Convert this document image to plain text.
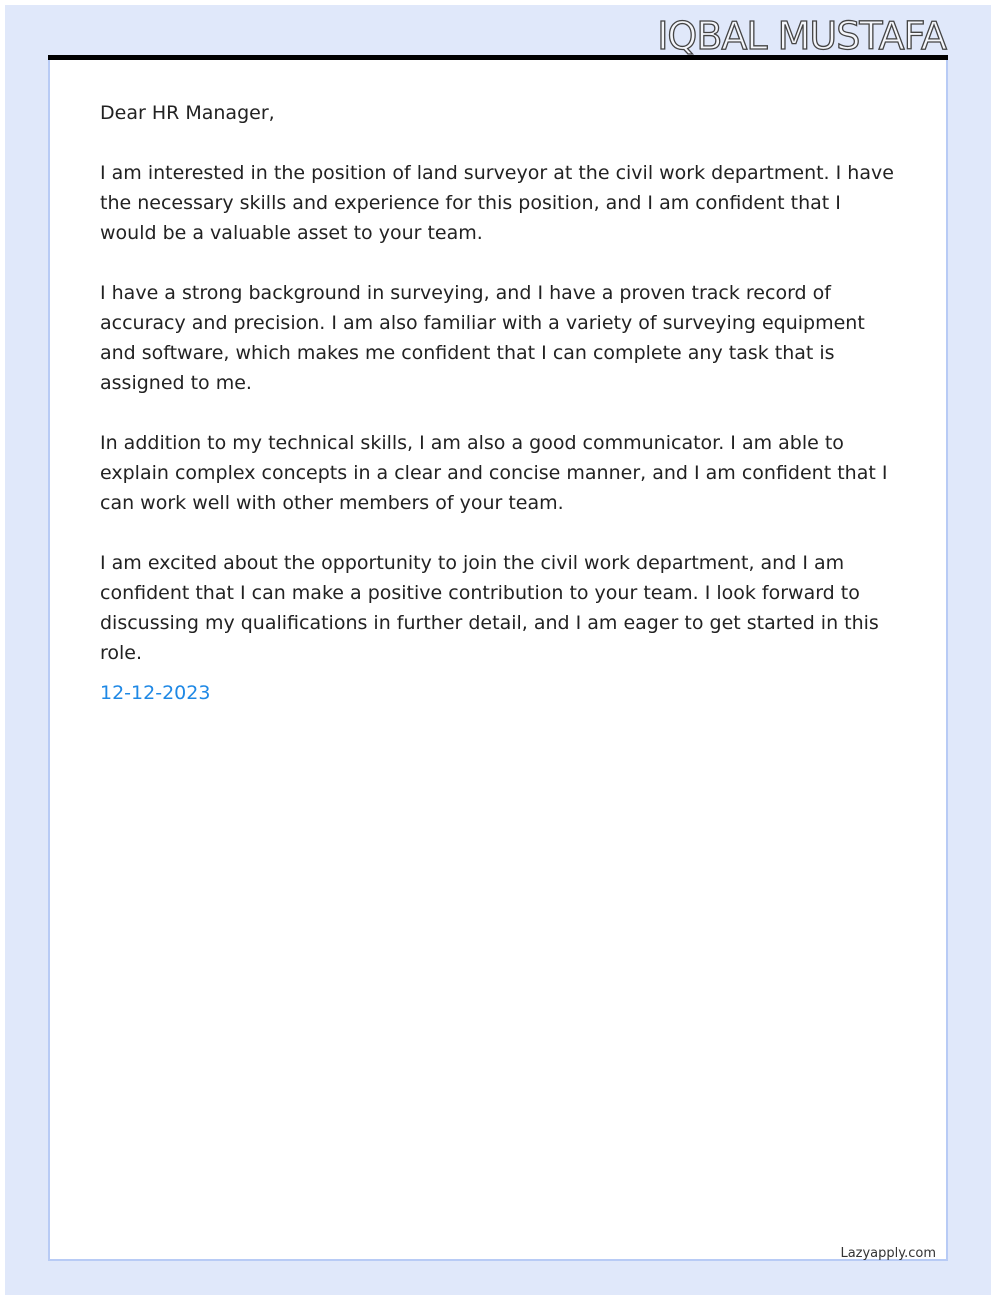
IQBAL MUSTAFA

Dear HR Manager,

I am interested in the position of land surveyor at the civil work department. I have the necessary skills and experience for this position, and I am confident that I would be a valuable asset to your team.

I have a strong background in surveying, and I have a proven track record of accuracy and precision. I am also familiar with a variety of surveying equipment and software, which makes me confident that I can complete any task that is assigned to me.

In addition to my technical skills, I am also a good communicator. I am able to explain complex concepts in a clear and concise manner, and I am confident that I can work well with other members of your team.

I am excited about the opportunity to join the civil work department, and I am confident that I can make a positive contribution to your team. I look forward to discussing my qualifications in further detail, and I am eager to get started in this role.

12-12-2023
Lazyapply.com
